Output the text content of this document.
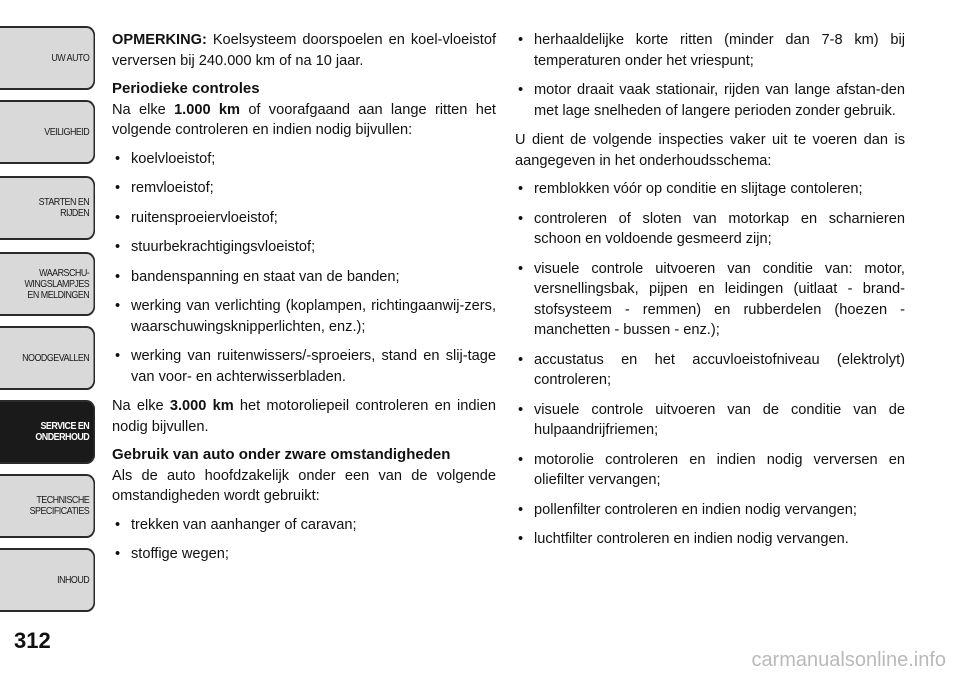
UW AUTO
VEILIGHEID
STARTEN EN
RIJDEN
WAARSCHU-
WINGSLAMPJES
EN MELDINGEN
NOODGEVALLEN
SERVICE EN
ONDERHOUD
TECHNISCHE
SPECIFICATIES
INHOUD
312
carmanualsonline.info

OPMERKING: Koelsysteem doorspoelen en koel-vloeistof verversen bij 240.000 km of na 10 jaar.

Periodieke controles

Na elke 1.000 km of voorafgaand aan lange ritten het volgende controleren en indien nodig bijvullen:

• koelvloeistof;
• remvloeistof;
• ruitensproeiervloeistof;
• stuurbekrachtigingsvloeistof;
• bandenspanning en staat van de banden;
• werking van verlichting (koplampen, richtingaanwij-zers, waarschuwingsknipperlichten, enz.);
• werking van ruitenwissers/-sproeiers, stand en slij-tage van voor- en achterwisserbladen.

Na elke 3.000 km het motoroliepeil controleren en indien nodig bijvullen.

Gebruik van auto onder zware omstandigheden

Als de auto hoofdzakelijk onder een van de volgende omstandigheden wordt gebruikt:

• trekken van aanhanger of caravan;
• stoffige wegen;
• herhaaldelijke korte ritten (minder dan 7-8 km) bij temperaturen onder het vriespunt;
• motor draait vaak stationair, rijden van lange afstan-den met lage snelheden of langere perioden zonder gebruik.

U dient de volgende inspecties vaker uit te voeren dan is aangegeven in het onderhoudsschema:

• remblokken vóór op conditie en slijtage contoleren;
• controleren of sloten van motorkap en scharnieren schoon en voldoende gesmeerd zijn;
• visuele controle uitvoeren van conditie van: motor, versnellingsbak, pijpen en leidingen (uitlaat - brand-stofsysteem - remmen) en rubberdelen (hoezen - manchetten - bussen - enz.);
• accustatus en het accuvloeistofniveau (elektrolyt) controleren;
• visuele controle uitvoeren van de conditie van de hulpaandrijfriemen;
• motorolie controleren en indien nodig verversen en oliefilter vervangen;
• pollenfilter controleren en indien nodig vervangen;
• luchtfilter controleren en indien nodig vervangen.
